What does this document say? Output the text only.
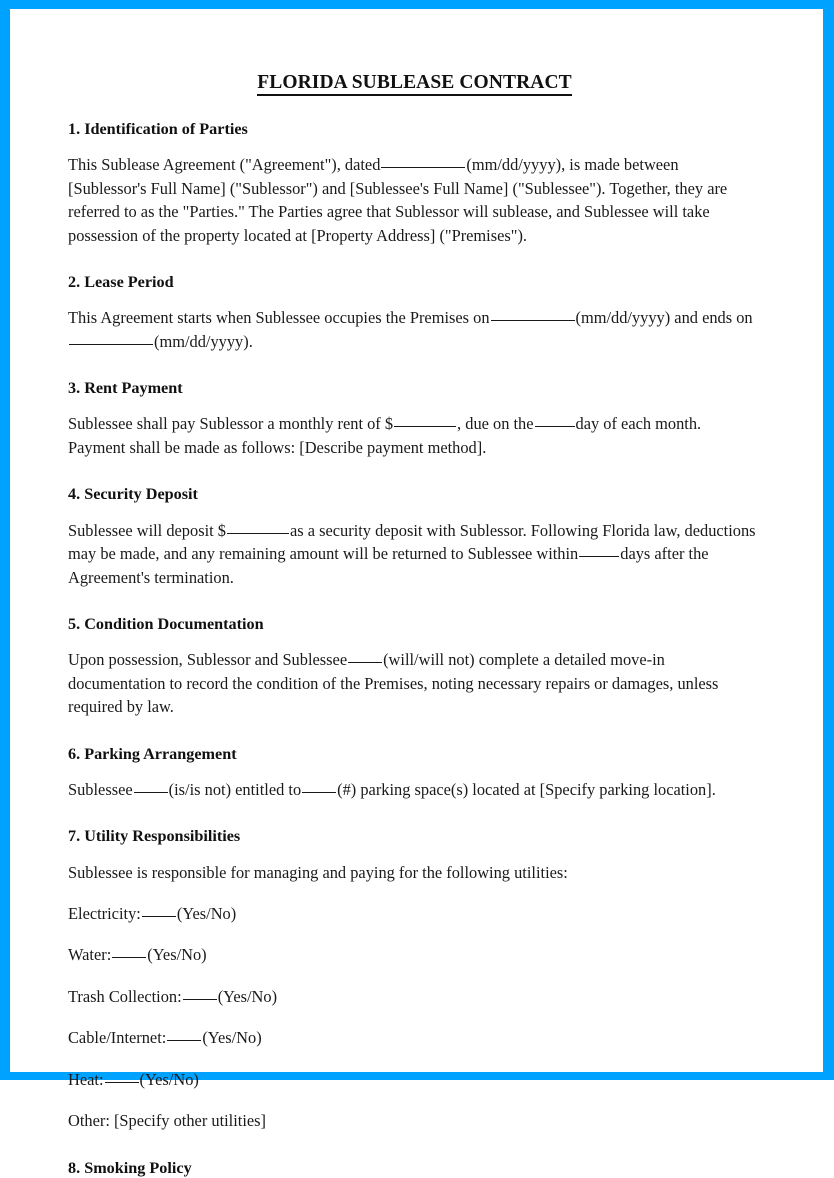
FLORIDA SUBLEASE CONTRACT
1. Identification of Parties

This Sublease Agreement ("Agreement"), dated	(mm/dd/yyyy), is made between [Sublessor's Full Name] ("Sublessor") and [Sublessee's Full Name] ("Sublessee"). Together, they are referred to as the "Parties." The Parties agree that Sublessor will sublease, and Sublessee will take possession of the property located at [Property Address] ("Premises").

2. Lease Period

This Agreement starts when Sublessee occupies the Premises on	(mm/dd/yyyy) and ends on(mm/dd/yyyy).

3. Rent Payment

Sublessee shall pay Sublessor a monthly rent of $	, due on the	day of each month. Payment shall be made as follows: [Describe payment method].

4. Security Deposit

Sublessee will deposit $	as a security deposit with Sublessor. Following Florida law, deductions may be made, and any remaining amount will be returned to Sublessee within	days after the Agreement's termination.

5. Condition Documentation

Upon possession, Sublessor and Sublessee (will/will not) complete a detailed move-in documentation to record the condition of the Premises, noting necessary repairs or damages, unless required by law.

6. Parking Arrangement

Sublessee (is/is not) entitled to (#) parking space(s) located at [Specify parking location].

7. Utility Responsibilities

Sublessee is responsible for managing and paying for the following utilities:

Electricity: (Yes/No)

Water: (Yes/No)

Trash Collection: (Yes/No)

Cable/Internet: (Yes/No)

Heat: (Yes/No)

Other: [Specify other utilities]

8. Smoking Policy
